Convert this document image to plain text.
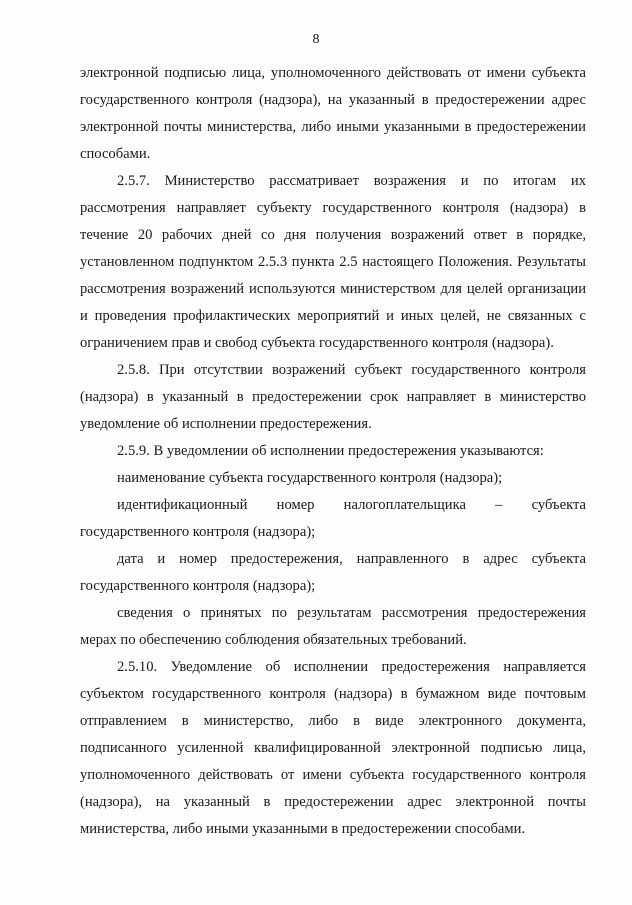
8

электронной подписью лица, уполномоченного действовать от имени субъекта государственного контроля (надзора), на указанный в предостережении адрес электронной почты министерства, либо иными указанными в предостережении способами.

2.5.7. Министерство рассматривает возражения и по итогам их рассмотрения направляет субъекту государственного контроля (надзора) в течение 20 рабочих дней со дня получения возражений ответ в порядке, установленном подпунктом 2.5.3 пункта 2.5 настоящего Положения. Результаты рассмотрения возражений используются министерством для целей организации и проведения профилактических мероприятий и иных целей, не связанных с ограничением прав и свобод субъекта государственного контроля (надзора).

2.5.8. При отсутствии возражений субъект государственного контроля (надзора) в указанный в предостережении срок направляет в министерство уведомление об исполнении предостережения.

2.5.9. В уведомлении об исполнении предостережения указываются:

наименование субъекта государственного контроля (надзора);

идентификационный номер налогоплательщика – субъекта государственного контроля (надзора);

дата и номер предостережения, направленного в адрес субъекта государственного контроля (надзора);

сведения о принятых по результатам рассмотрения предостережения мерах по обеспечению соблюдения обязательных требований.

2.5.10. Уведомление об исполнении предостережения направляется субъектом государственного контроля (надзора) в бумажном виде почтовым отправлением в министерство, либо в виде электронного документа, подписанного усиленной квалифицированной электронной подписью лица, уполномоченного действовать от имени субъекта государственного контроля (надзора), на указанный в предостережении адрес электронной почты министерства, либо иными указанными в предостережении способами.
